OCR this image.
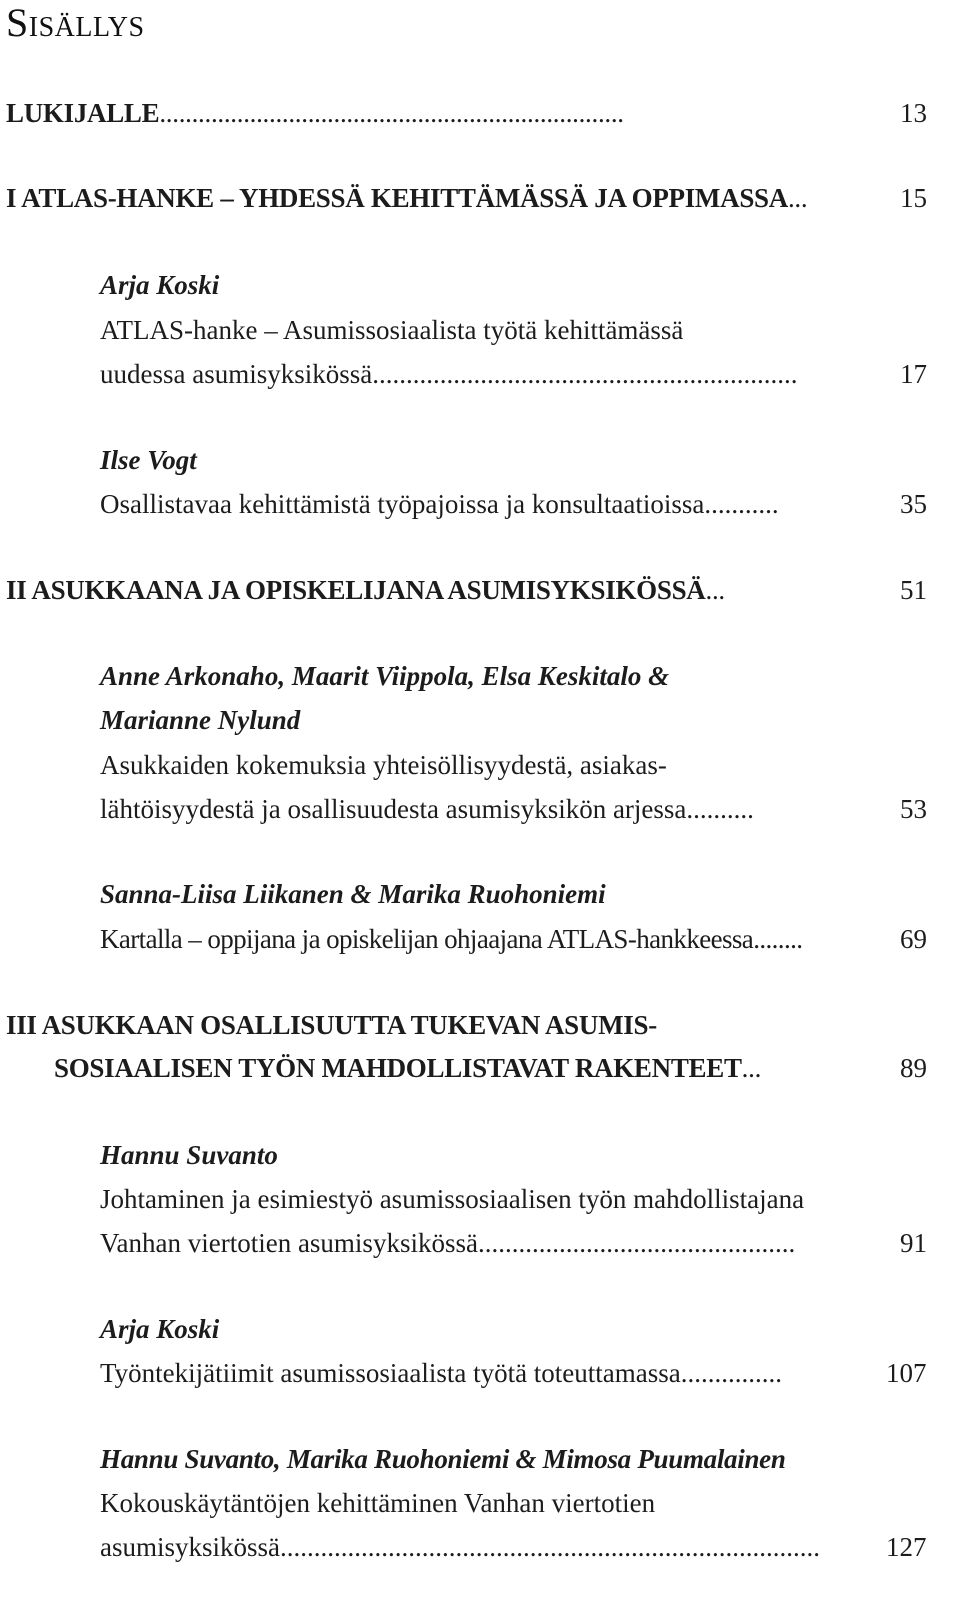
Sisällys
LUKIJALLE........................................................................	13
I ATLAS-HANKE – YHDESSÄ KEHITTÄMÄSSÄ JA OPPIMASSA...	15
Arja Koski
ATLAS-hanke – Asumissosiaalista työtä kehittämässä
uudessa asumisyksikössä...............................................................	17
Ilse Vogt
Osallistavaa kehittämistä työpajoissa ja konsultaatioissa...........	35
II ASUKKAANA JA OPISKELIJANA ASUMISYKSIKÖSSÄ...	51
Anne Arkonaho, Maarit Viippola, Elsa Keskitalo &
Marianne Nylund
Asukkaiden kokemuksia yhteisöllisyydestä, asiakas-
lähtöisyydestä ja osallisuudesta asumisyksikön arjessa..........	53
Sanna-Liisa Liikanen & Marika Ruohoniemi
Kartalla – oppijana ja opiskelijan ohjaajana ATLAS-hankkeessa........	69
III ASUKKAAN OSALLISUUTTA TUKEVAN ASUMIS-
SOSIAALISEN TYÖN MAHDOLLISTAVAT RAKENTEET...	89
Hannu Suvanto
Johtaminen ja esimiestyö asumissosiaalisen työn mahdollistajana
Vanhan viertotien asumisyksikössä...............................................	91
Arja Koski
Työntekijätiimit asumissosiaalista työtä toteuttamassa...............	107
Hannu Suvanto, Marika Ruohoniemi & Mimosa Puumalainen
Kokouskäytäntöjen kehittäminen Vanhan viertotien
asumisyksikössä................................................................................ 127
